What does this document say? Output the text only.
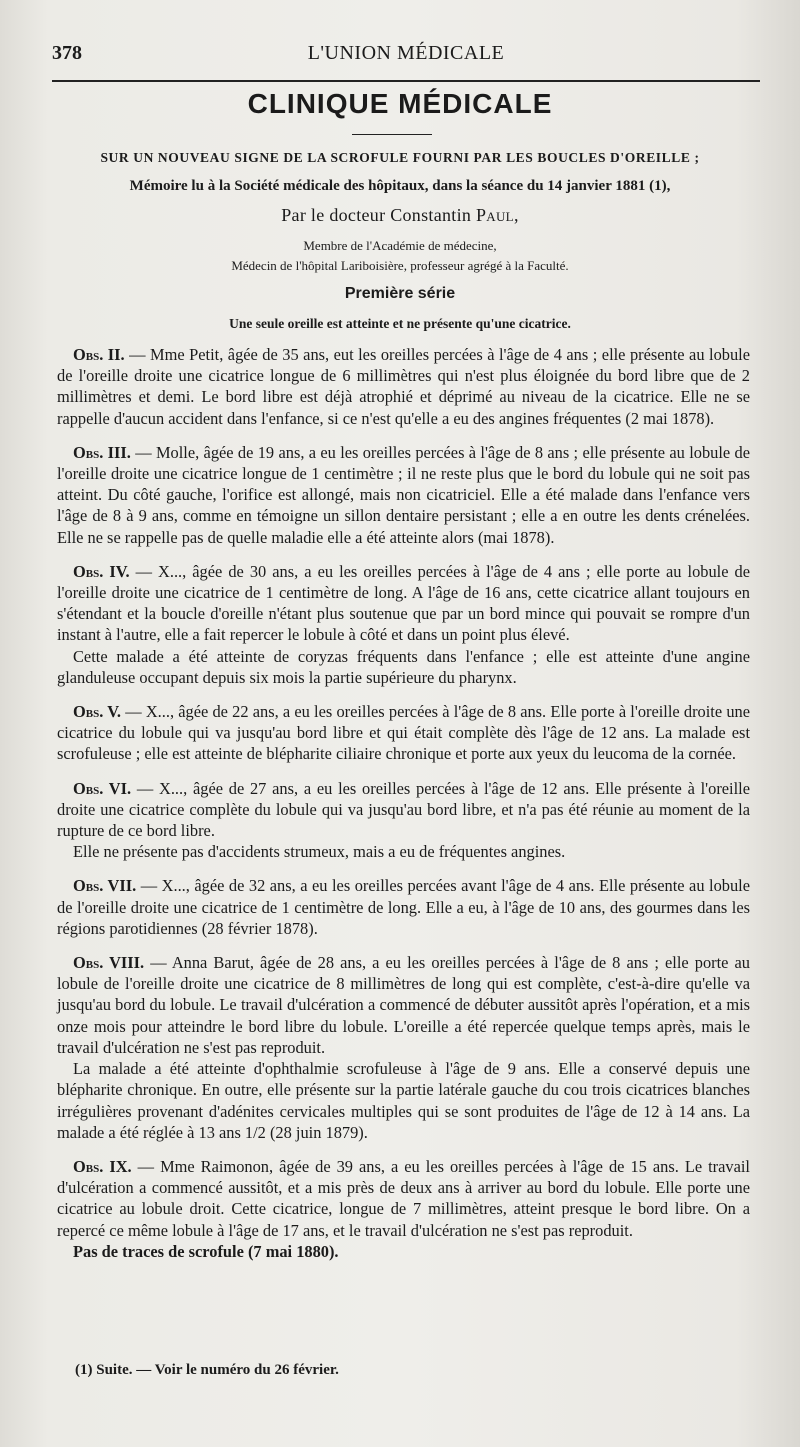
378	L'UNION MÉDICALE
CLINIQUE MÉDICALE
SUR UN NOUVEAU SIGNE DE LA SCROFULE FOURNI PAR LES BOUCLES D'OREILLE ;
Mémoire lu à la Société médicale des hôpitaux, dans la séance du 14 janvier 1881 (1),
Par le docteur Constantin Paul,
Membre de l'Académie de médecine,
Médecin de l'hôpital Lariboisière, professeur agrégé à la Faculté.
Première série
Une seule oreille est atteinte et ne présente qu'une cicatrice.

Obs. II. — Mme Petit, âgée de 35 ans, eut les oreilles percées à l'âge de 4 ans ; elle présente au lobule de l'oreille droite une cicatrice longue de 6 millimètres qui n'est plus éloignée du bord libre que de 2 millimètres et demi. Le bord libre est déjà atrophié et déprimé au niveau de la cicatrice. Elle ne se rappelle d'aucun accident dans l'enfance, si ce n'est qu'elle a eu des angines fréquentes (2 mai 1878).

Obs. III. — Molle, âgée de 19 ans, a eu les oreilles percées à l'âge de 8 ans ; elle présente au lobule de l'oreille droite une cicatrice longue de 1 centimètre ; il ne reste plus que le bord du lobule qui ne soit pas atteint. Du côté gauche, l'orifice est allongé, mais non cicatriciel. Elle a été malade dans l'enfance vers l'âge de 8 à 9 ans, comme en témoigne un sillon dentaire persistant ; elle a en outre les dents crénelées. Elle ne se rappelle pas de quelle maladie elle a été atteinte alors (mai 1878).

Obs. IV. — X..., âgée de 30 ans, a eu les oreilles percées à l'âge de 4 ans ; elle porte au lobule de l'oreille droite une cicatrice de 1 centimètre de long. A l'âge de 16 ans, cette cicatrice allant toujours en s'étendant et la boucle d'oreille n'étant plus soutenue que par un bord mince qui pouvait se rompre d'un instant à l'autre, elle a fait repercer le lobule à côté et dans un point plus élevé.

Cette malade a été atteinte de coryzas fréquents dans l'enfance ; elle est atteinte d'une angine glanduleuse occupant depuis six mois la partie supérieure du pharynx.

Obs. V. — X..., âgée de 22 ans, a eu les oreilles percées à l'âge de 8 ans. Elle porte à l'oreille droite une cicatrice du lobule qui va jusqu'au bord libre et qui était complète dès l'âge de 12 ans. La malade est scrofuleuse ; elle est atteinte de blépharite ciliaire chronique et porte aux yeux du leucoma de la cornée.

Obs. VI. — X..., âgée de 27 ans, a eu les oreilles percées à l'âge de 12 ans. Elle présente à l'oreille droite une cicatrice complète du lobule qui va jusqu'au bord libre, et n'a pas été réunie au moment de la rupture de ce bord libre.

Elle ne présente pas d'accidents strumeux, mais a eu de fréquentes angines.

Obs. VII. — X..., âgée de 32 ans, a eu les oreilles percées avant l'âge de 4 ans. Elle présente au lobule de l'oreille droite une cicatrice de 1 centimètre de long. Elle a eu, à l'âge de 10 ans, des gourmes dans les régions parotidiennes (28 février 1878).

Obs. VIII. — Anna Barut, âgée de 28 ans, a eu les oreilles percées à l'âge de 8 ans ; elle porte au lobule de l'oreille droite une cicatrice de 8 millimètres de long qui est complète, c'est-à-dire qu'elle va jusqu'au bord du lobule. Le travail d'ulcération a commencé de débuter aussitôt après l'opération, et a mis onze mois pour atteindre le bord libre du lobule. L'oreille a été repercée quelque temps après, mais le travail d'ulcération ne s'est pas reproduit.

La malade a été atteinte d'ophthalmie scrofuleuse à l'âge de 9 ans. Elle a conservé depuis une blépharite chronique. En outre, elle présente sur la partie latérale gauche du cou trois cicatrices blanches irrégulières provenant d'adénites cervicales multiples qui se sont produites de l'âge de 12 à 14 ans. La malade a été réglée à 13 ans 1/2 (28 juin 1879).

Obs. IX. — Mme Raimonon, âgée de 39 ans, a eu les oreilles percées à l'âge de 15 ans. Le travail d'ulcération a commencé aussitôt, et a mis près de deux ans à arriver au bord du lobule. Elle porte une cicatrice au lobule droit. Cette cicatrice, longue de 7 millimètres, atteint presque le bord libre. On a repercé ce même lobule à l'âge de 17 ans, et le travail d'ulcération ne s'est pas reproduit.

Pas de traces de scrofule (7 mai 1880).

(1) Suite. — Voir le numéro du 26 février.
